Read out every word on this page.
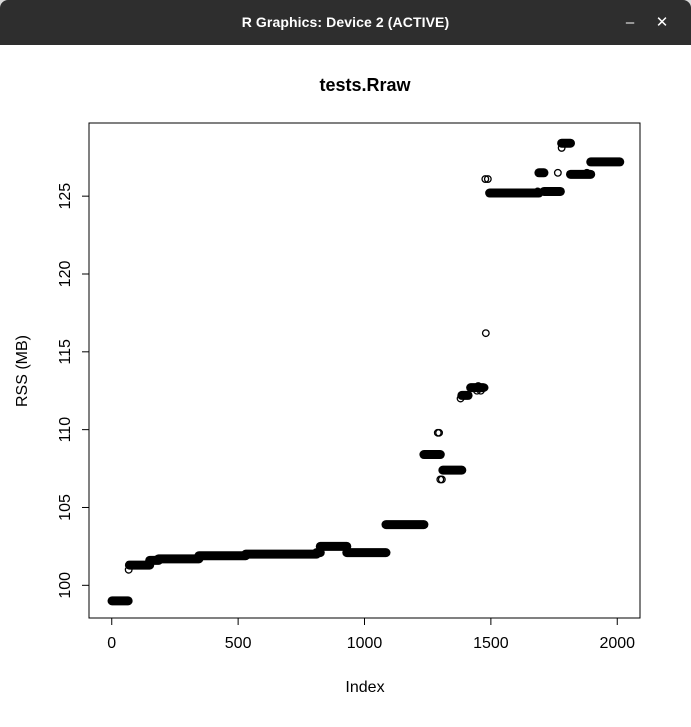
R Graphics: Device 2 (ACTIVE)	–	✕
tests.Rraw
0	500	1000	1500	2000
100
105
110
115
120
125
Index
RSS (MB)
